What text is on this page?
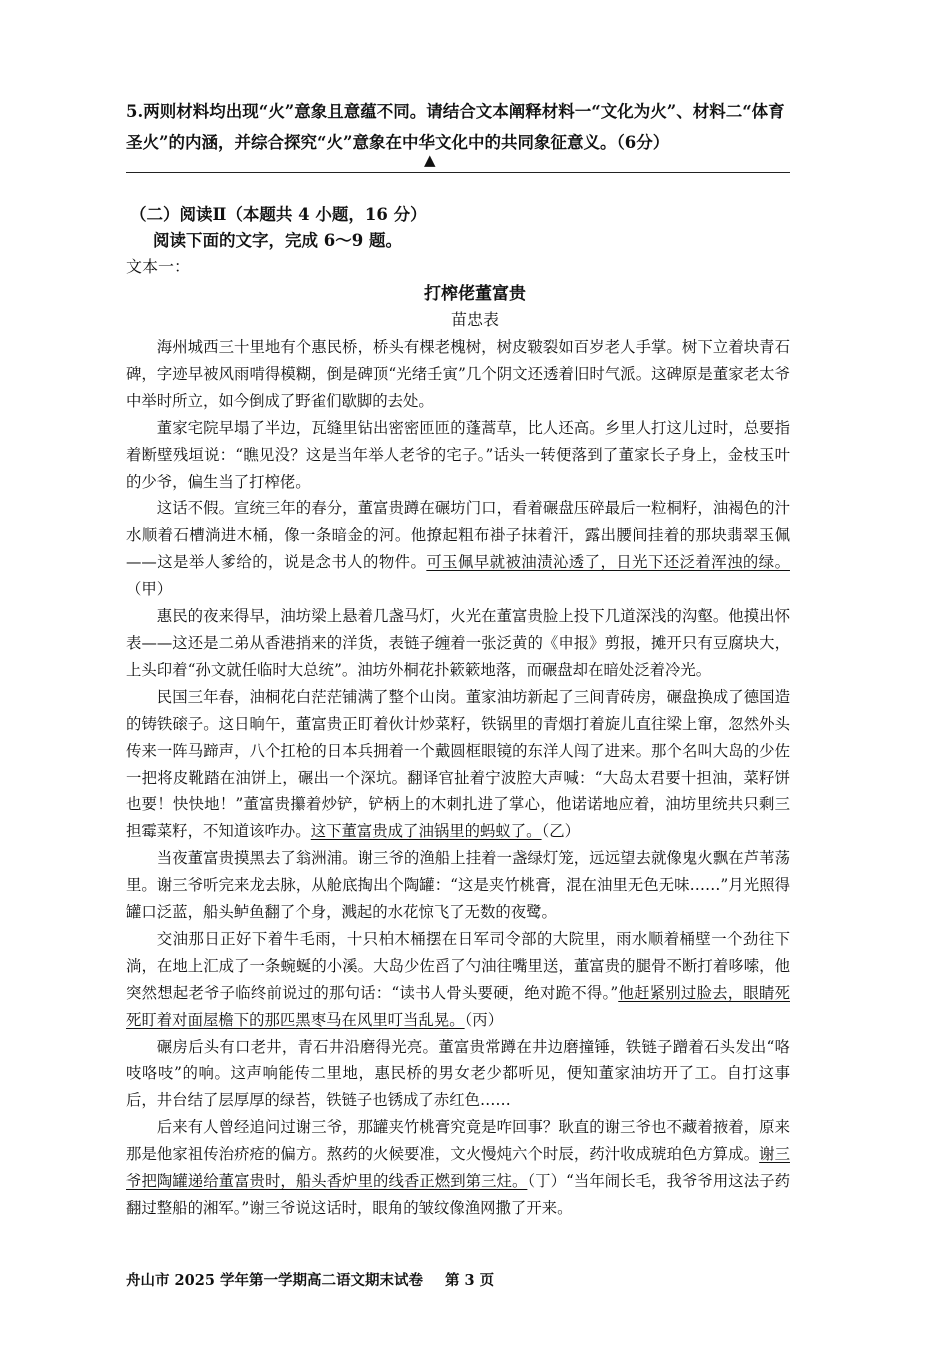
5.两则材料均出现“火”意象且意蕴不同。请结合文本阐释材料一“文化为火”、材料二“体育圣火”的内涵，并综合探究“火”意象在中华文化中的共同象征意义。（6分）
▲
（二）阅读Ⅱ（本题共 4 小题，16 分）
阅读下面的文字，完成 6～9 题。
文本一：
打榨佬董富贵
苗忠表

海州城西三十里地有个惠民桥，桥头有棵老槐树，树皮皲裂如百岁老人手掌。树下立着块青石碑，字迹早被风雨啃得模糊，倒是碑顶“光绪壬寅”几个阴文还透着旧时气派。这碑原是董家老太爷中举时所立，如今倒成了野雀们歇脚的去处。

董家宅院早塌了半边，瓦缝里钻出密密匝匝的蓬蒿草，比人还高。乡里人打这儿过时，总要指着断壁残垣说：“瞧见没？这是当年举人老爷的宅子。”话头一转便落到了董家长子身上，金枝玉叶的少爷，偏生当了打榨佬。

这话不假。宣统三年的春分，董富贵蹲在碾坊门口，看着碾盘压碎最后一粒桐籽，油褐色的汁水顺着石槽淌进木桶，像一条暗金的河。他撩起粗布褂子抹着汗，露出腰间挂着的那块翡翠玉佩——这是举人爹给的，说是念书人的物件。可玉佩早就被油渍沁透了，日光下还泛着浑浊的绿。（甲）

惠民的夜来得早，油坊梁上悬着几盏马灯，火光在董富贵脸上投下几道深浅的沟壑。他摸出怀表——这还是二弟从香港捎来的洋货，表链子缠着一张泛黄的《申报》剪报，摊开只有豆腐块大，上头印着“孙文就任临时大总统”。油坊外桐花扑簌簌地落，而碾盘却在暗处泛着冷光。

民国三年春，油桐花白茫茫铺满了整个山岗。董家油坊新起了三间青砖房，碾盘换成了德国造的铸铁磙子。这日晌午，董富贵正盯着伙计炒菜籽，铁锅里的青烟打着旋儿直往梁上窜，忽然外头传来一阵马蹄声，八个扛枪的日本兵拥着一个戴圆框眼镜的东洋人闯了进来。那个名叫大岛的少佐一把将皮靴踏在油饼上，碾出一个深坑。翻译官扯着宁波腔大声喊：“大岛太君要十担油，菜籽饼也要！快快地！”董富贵攥着炒铲，铲柄上的木刺扎进了掌心，他诺诺地应着，油坊里统共只剩三担霉菜籽，不知道该咋办。这下董富贵成了油锅里的蚂蚁了。（乙）

当夜董富贵摸黑去了翁洲浦。谢三爷的渔船上挂着一盏绿灯笼，远远望去就像鬼火飘在芦苇荡里。谢三爷听完来龙去脉，从舱底掏出个陶罐：“这是夹竹桃膏，混在油里无色无味……”月光照得罐口泛蓝，船头鲈鱼翻了个身，溅起的水花惊飞了无数的夜鹭。

交油那日正好下着牛毛雨，十只柏木桶摆在日军司令部的大院里，雨水顺着桶壁一个劲往下淌，在地上汇成了一条蜿蜒的小溪。大岛少佐舀了勺油往嘴里送，董富贵的腿骨不断打着哆嗦，他突然想起老爷子临终前说过的那句话：“读书人骨头要硬，绝对跪不得。”他赶紧别过脸去，眼睛死死盯着对面屋檐下的那匹黑枣马在风里叮当乱晃。（丙）

碾房后头有口老井，青石井沿磨得光亮。董富贵常蹲在井边磨撞锤，铁链子蹭着石头发出“咯吱咯吱”的响。这声响能传二里地，惠民桥的男女老少都听见，便知董家油坊开了工。自打这事后，井台结了层厚厚的绿苔，铁链子也锈成了赤红色……

后来有人曾经追问过谢三爷，那罐夹竹桃膏究竟是咋回事？耿直的谢三爷也不藏着掖着，原来那是他家祖传治疥疮的偏方。熬药的火候要准，文火慢炖六个时辰，药汁收成琥珀色方算成。谢三爷把陶罐递给董富贵时，船头香炉里的线香正燃到第三炷。（丁）“当年闹长毛，我爷爷用这法子药翻过整船的湘军。”谢三爷说这话时，眼角的皱纹像渔网撒了开来。

舟山市 2025 学年第一学期高二语文期末试卷 第 3 页
